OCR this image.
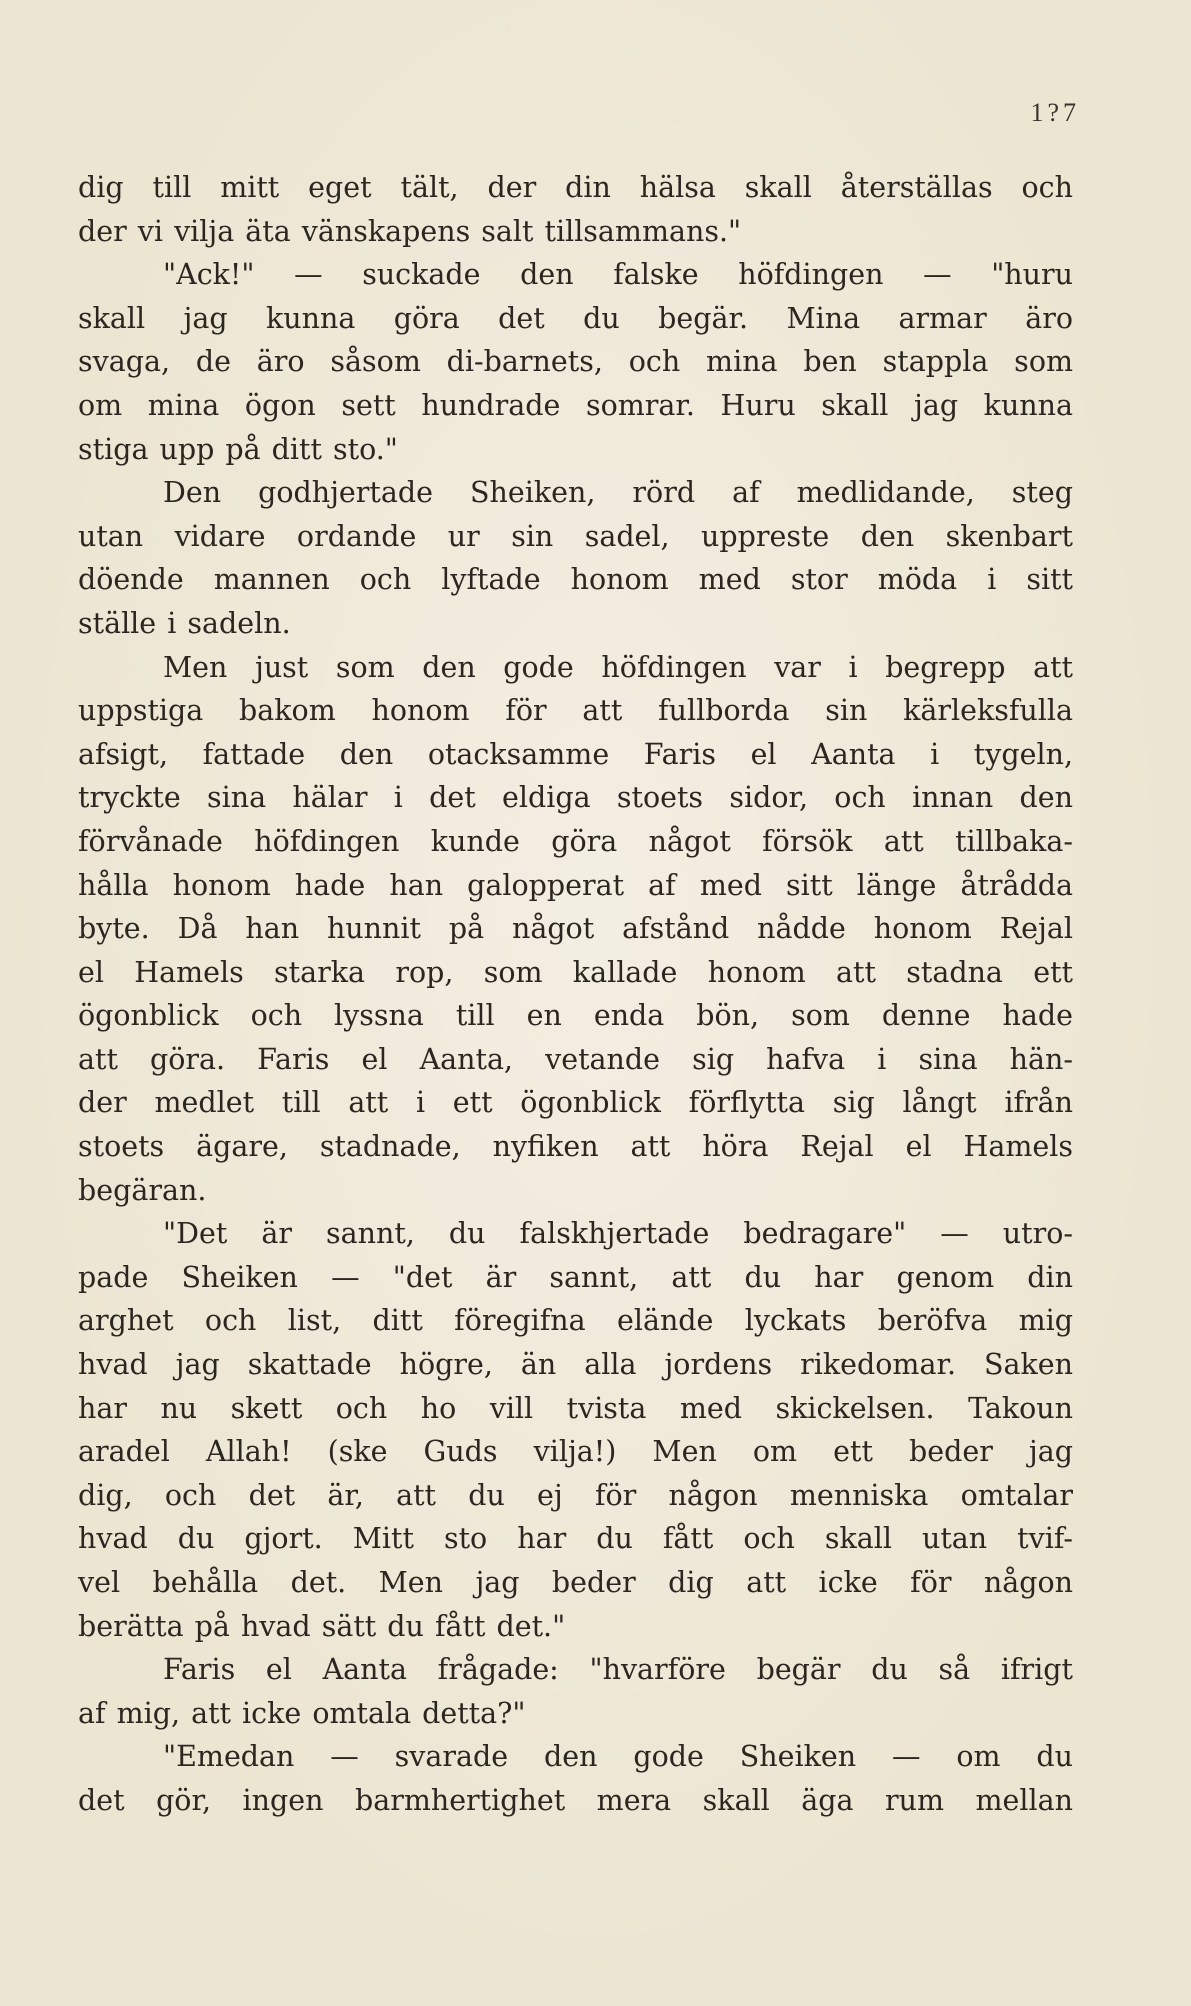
1?7
dig till mitt eget tält, der din hälsa skall återställas och
der vi vilja äta vänskapens salt tillsammans."
"Ack!" — suckade den falske höfdingen — "huru
skall jag kunna göra det du begär. Mina armar äro
svaga, de äro såsom di-barnets, och mina ben stappla som
om mina ögon sett hundrade somrar. Huru skall jag kunna
stiga upp på ditt sto."
Den godhjertade Sheiken, rörd af medlidande, steg
utan vidare ordande ur sin sadel, uppreste den skenbart
döende mannen och lyftade honom med stor möda i sitt
ställe i sadeln.
Men just som den gode höfdingen var i begrepp att
uppstiga bakom honom för att fullborda sin kärleksfulla
afsigt, fattade den otacksamme Faris el Aanta i tygeln,
tryckte sina hälar i det eldiga stoets sidor, och innan den
förvånade höfdingen kunde göra något försök att tillbaka-
hålla honom hade han galopperat af med sitt länge åtrådda
byte. Då han hunnit på något afstånd nådde honom Rejal
el Hamels starka rop, som kallade honom att stadna ett
ögonblick och lyssna till en enda bön, som denne hade
att göra. Faris el Aanta, vetande sig hafva i sina hän-
der medlet till att i ett ögonblick förflytta sig långt ifrån
stoets ägare, stadnade, nyfiken att höra Rejal el Hamels
begäran.
"Det är sannt, du falskhjertade bedragare" — utro-
pade Sheiken — "det är sannt, att du har genom din
arghet och list, ditt föregifna elände lyckats beröfva mig
hvad jag skattade högre, än alla jordens rikedomar. Saken
har nu skett och ho vill tvista med skickelsen. Takoun
aradel Allah! (ske Guds vilja!) Men om ett beder jag
dig, och det är, att du ej för någon menniska omtalar
hvad du gjort. Mitt sto har du fått och skall utan tvif-
vel behålla det. Men jag beder dig att icke för någon
berätta på hvad sätt du fått det."
Faris el Aanta frågade: "hvarföre begär du så ifrigt
af mig, att icke omtala detta?"
"Emedan — svarade den gode Sheiken — om du
det gör, ingen barmhertighet mera skall äga rum mellan
